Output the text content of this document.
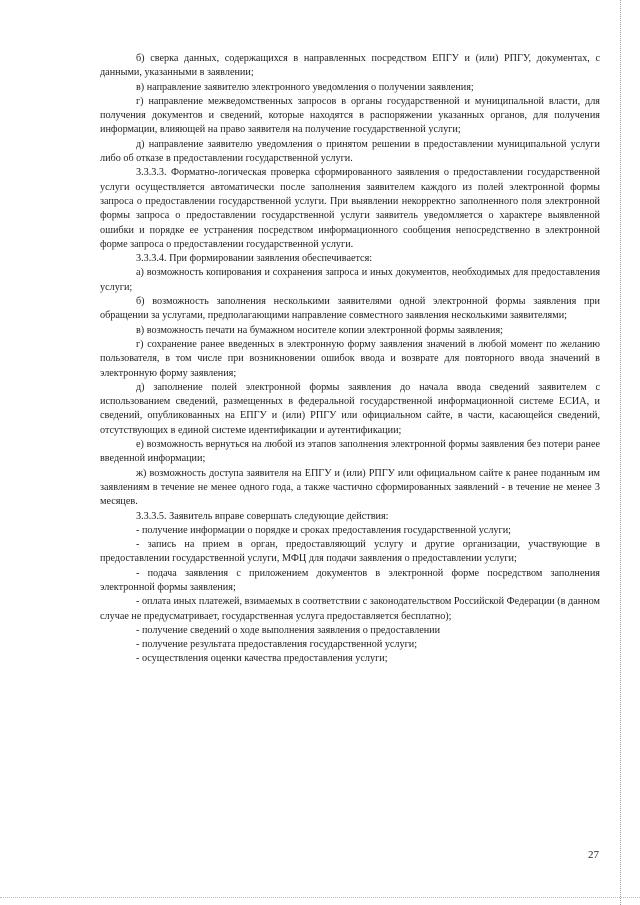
б) сверка данных, содержащихся в направленных посредством ЕПГУ и (или) РПГУ, документах, с данными, указанными в заявлении;

в) направление заявителю электронного уведомления о получении заявления;

г) направление межведомственных запросов в органы государственной и муниципальной власти, для получения документов и сведений, которые находятся в распоряжении указанных органов, для получения информации, влияющей на право заявителя на получение государственной услуги;

д) направление заявителю уведомления о принятом решении в предоставлении муниципальной услуги либо об отказе в предоставлении государственной услуги.

3.3.3.3. Форматно-логическая проверка сформированного заявления о предоставлении государственной услуги осуществляется автоматически после заполнения заявителем каждого из полей электронной формы запроса о предоставлении государственной услуги. При выявлении некорректно заполненного поля электронной формы запроса о предоставлении государственной услуги заявитель уведомляется о характере выявленной ошибки и порядке ее устранения посредством информационного сообщения непосредственно в электронной форме запроса о предоставлении государственной услуги.

3.3.3.4. При формировании заявления обеспечивается:

а) возможность копирования и сохранения запроса и иных документов, необходимых для предоставления услуги;

б) возможность заполнения несколькими заявителями одной электронной формы заявления при обращении за услугами, предполагающими направление совместного заявления несколькими заявителями;

в) возможность печати на бумажном носителе копии электронной формы заявления;

г) сохранение ранее введенных в электронную форму заявления значений в любой момент по желанию пользователя, в том числе при возникновении ошибок ввода и возврате для повторного ввода значений в электронную форму заявления;

д) заполнение полей электронной формы заявления до начала ввода сведений заявителем с использованием сведений, размещенных в федеральной государственной информационной системе ЕСИА, и сведений, опубликованных на ЕПГУ и (или) РПГУ или официальном сайте, в части, касающейся сведений, отсутствующих в единой системе идентификации и аутентификации;

е) возможность вернуться на любой из этапов заполнения электронной формы заявления без потери ранее введенной информации;

ж) возможность доступа заявителя на ЕПГУ и (или) РПГУ или официальном сайте к ранее поданным им заявлениям в течение не менее одного года, а также частично сформированных заявлений - в течение не менее 3 месяцев.

3.3.3.5. Заявитель вправе совершать следующие действия:

- получение информации о порядке и сроках предоставления государственной услуги;

- запись на прием в орган, предоставляющий услугу и другие организации, участвующие в предоставлении государственной услуги, МФЦ для подачи заявления о предоставлении услуги;

- подача заявления с приложением документов в электронной форме посредством заполнения электронной формы заявления;

- оплата иных платежей, взимаемых в соответствии с законодательством Российской Федерации (в данном случае не предусматривает, государственная услуга предоставляется бесплатно);

- получение сведений о ходе выполнения заявления о предоставлении

- получение результата предоставления государственной услуги;

- осуществления оценки качества предоставления услуги;

27
